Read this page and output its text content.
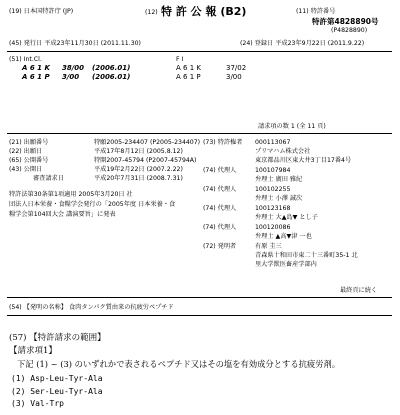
(19) 日本国特許庁 (JP)	(12) 特 許 公 報 (B2)	(11) 特許番号
特許第4828890号
(P4828890)
(45) 発行日 平成23年11月30日 (2011.11.30)	(24) 登録日 平成23年9月22日 (2011.9.22)
(51) Int.Cl.	F I
A 6 1 K 38/00 (2006.01)	A 6 1 K	37/02
A 6 1 P 3/00 (2006.01)	A 6 1 P	3/00
請求項の数 1 (全 11 頁)
(21) 出願番号	特願2005-234407 (P2005-234407)
(22) 出願日	平成17年8月12日 (2005.8.12)
(65) 公開番号	特開2007-45794 (P2007-45794A)
(43) 公開日	平成19年2月22日 (2007.2.22)
審査請求日	平成20年7月31日 (2008.7.31)
特許法第30条第1項適用 2005年3月20日 社
団法人日本栄養・食糧学会発行の「2005年度 日本栄養・食
糧学会第104回大会 講演要旨」に発表
(73) 特許権者 000113067
プリマハム株式会社
東京都品川区東大井3丁目17番4号
(74) 代理人	100107984
弁理士 廣田 雅紀
(74) 代理人	100102255
弁理士 小澤 誠次
(74) 代理人	100123168
弁理士 大▲島▼ とし子
(74) 代理人	100120086
弁理士 ▲高▼津 一也
(72) 発明者	有原 圭三
青森県十和田市東二十三番町35-1 北
里大学獣医畜産学部内
最終頁に続く
(54) 【発明の名称】 食肉タンパク質由来の抗疲労ペプチド
(57) 【特許請求の範囲】
【請求項1】
下記 (1) ~ (3) のいずれかで表されるペプチド又はその塩を有効成分とする抗疲労剤。
(1) Asp-Leu-Tyr-Ala
(2) Ser-Leu-Tyr-Ala
(3) Val-Trp
